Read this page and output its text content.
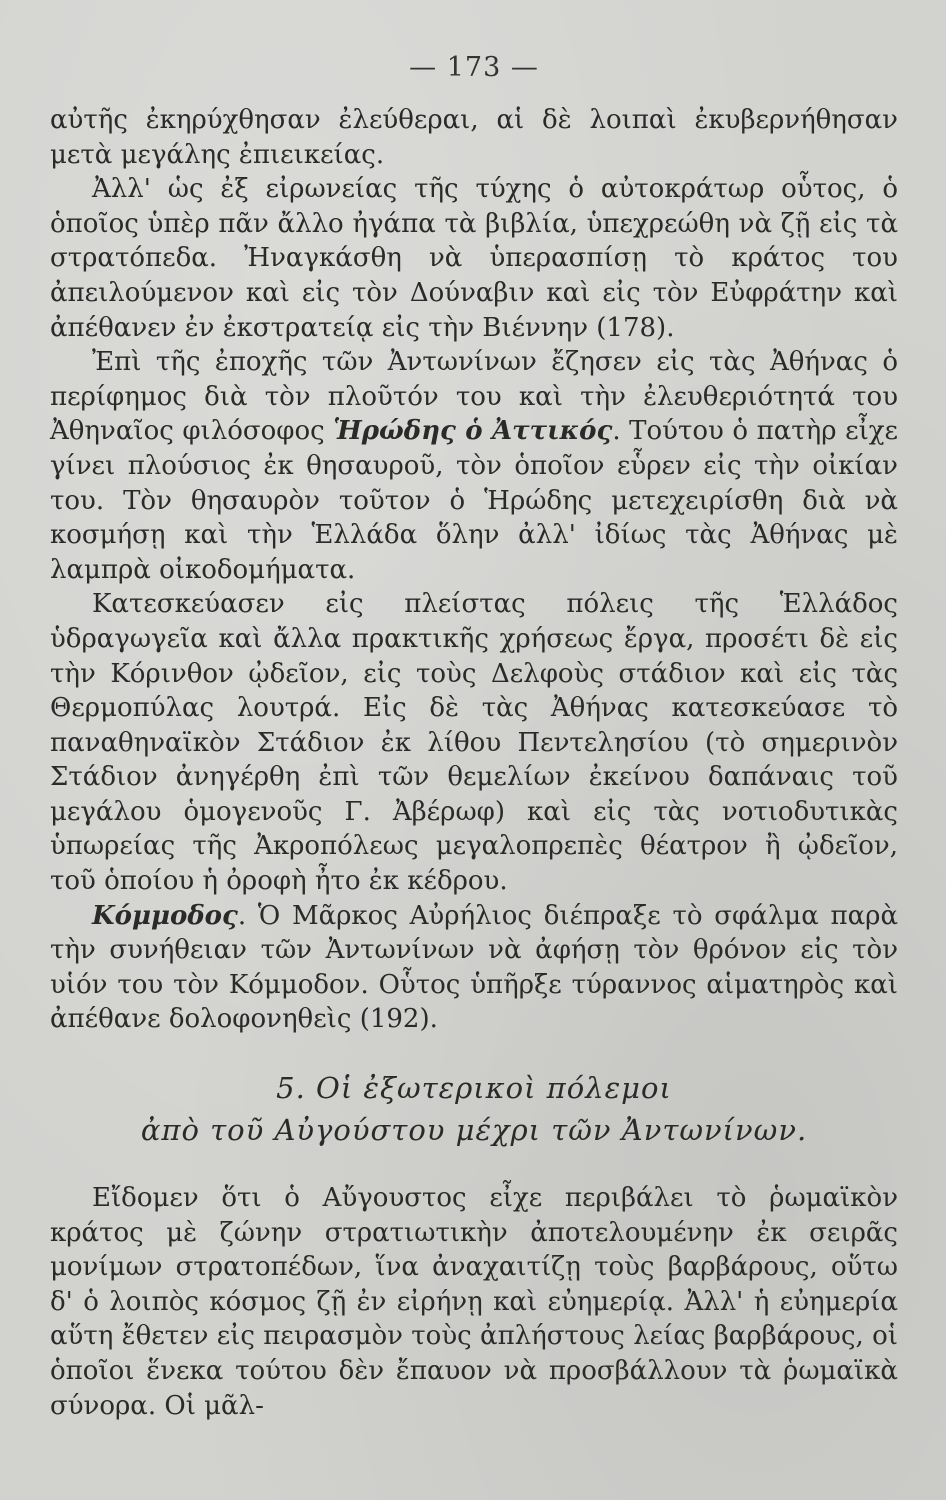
— 173 —

αὐτῆς ἐκηρύχθησαν ἐλεύθεραι, αἱ δὲ λοιπαὶ ἐκυβερνήθησαν μετὰ μεγάλης ἐπιεικείας.

Ἀλλ' ὡς ἐξ εἰρωνείας τῆς τύχης ὁ αὐτοκράτωρ οὗτος, ὁ ὁποῖος ὑπὲρ πᾶν ἄλλο ἠγάπα τὰ βιβλία, ὑπεχρεώθη νὰ ζῇ εἰς τὰ στρατόπεδα. Ἠναγκάσθη νὰ ὑπερασπίσῃ τὸ κράτος του ἀπειλούμενον καὶ εἰς τὸν Δούναβιν καὶ εἰς τὸν Εὐφράτην καὶ ἀπέθανεν ἐν ἐκστρατείᾳ εἰς τὴν Βιέννην (178).

Ἐπὶ τῆς ἐποχῆς τῶν Ἀντωνίνων ἔζησεν εἰς τὰς Ἀθήνας ὁ περίφημος διὰ τὸν πλοῦτόν του καὶ τὴν ἐλευθεριότητά του Ἀθηναῖος φιλόσοφος Ἡρώδης ὁ Ἀττικός. Τούτου ὁ πατὴρ εἶχε γίνει πλούσιος ἐκ θησαυροῦ, τὸν ὁποῖον εὗρεν εἰς τὴν οἰκίαν του. Τὸν θησαυρὸν τοῦτον ὁ Ἡρώδης μετεχειρίσθη διὰ νὰ κοσμήσῃ καὶ τὴν Ἑλλάδα ὅλην ἀλλ' ἰδίως τὰς Ἀθήνας μὲ λαμπρὰ οἰκοδομήματα.

Κατεσκεύασεν εἰς πλείστας πόλεις τῆς Ἑλλάδος ὑδραγωγεῖα καὶ ἄλλα πρακτικῆς χρήσεως ἔργα, προσέτι δὲ εἰς τὴν Κόρινθον ᾠδεῖον, εἰς τοὺς Δελφοὺς στάδιον καὶ εἰς τὰς Θερμοπύλας λουτρά. Εἰς δὲ τὰς Ἀθήνας κατεσκεύασε τὸ παναθηναϊκὸν Στάδιον ἐκ λίθου Πεντελησίου (τὸ σημερινὸν Στάδιον ἀνηγέρθη ἐπὶ τῶν θεμελίων ἐκείνου δαπάναις τοῦ μεγάλου ὁμογενοῦς Γ. Ἀβέρωφ) καὶ εἰς τὰς νοτιοδυτικὰς ὑπωρείας τῆς Ἀκροπόλεως μεγαλοπρεπὲς θέατρον ἢ ᾠδεῖον, τοῦ ὁποίου ἡ ὀροφὴ ἦτο ἐκ κέδρου.

Κόμμοδος. Ὁ Μᾶρκος Αὐρήλιος διέπραξε τὸ σφάλμα παρὰ τὴν συνήθειαν τῶν Ἀντωνίνων νὰ ἀφήσῃ τὸν θρόνον εἰς τὸν υἱόν του τὸν Κόμμοδον. Οὗτος ὑπῆρξε τύραννος αἱματηρὸς καὶ ἀπέθανε δολοφονηθεὶς (192).

5. Οἱ ἐξωτερικοὶ πόλεμοι
ἀπὸ τοῦ Αὐγούστου μέχρι τῶν Ἀντωνίνων.

Εἴδομεν ὅτι ὁ Αὔγουστος εἶχε περιβάλει τὸ ῥωμαϊκὸν κράτος μὲ ζώνην στρατιωτικὴν ἀποτελουμένην ἐκ σειρᾶς μονίμων στρατοπέδων, ἵνα ἀναχαιτίζῃ τοὺς βαρβάρους, οὕτω δ' ὁ λοιπὸς κόσμος ζῇ ἐν εἰρήνῃ καὶ εὐημερίᾳ. Ἀλλ' ἡ εὐημερία αὕτη ἔθετεν εἰς πειρασμὸν τοὺς ἀπλήστους λείας βαρβάρους, οἱ ὁποῖοι ἕνεκα τούτου δὲν ἔπαυον νὰ προσβάλλουν τὰ ῥωμαϊκὰ σύνορα. Οἱ μᾶλ-
